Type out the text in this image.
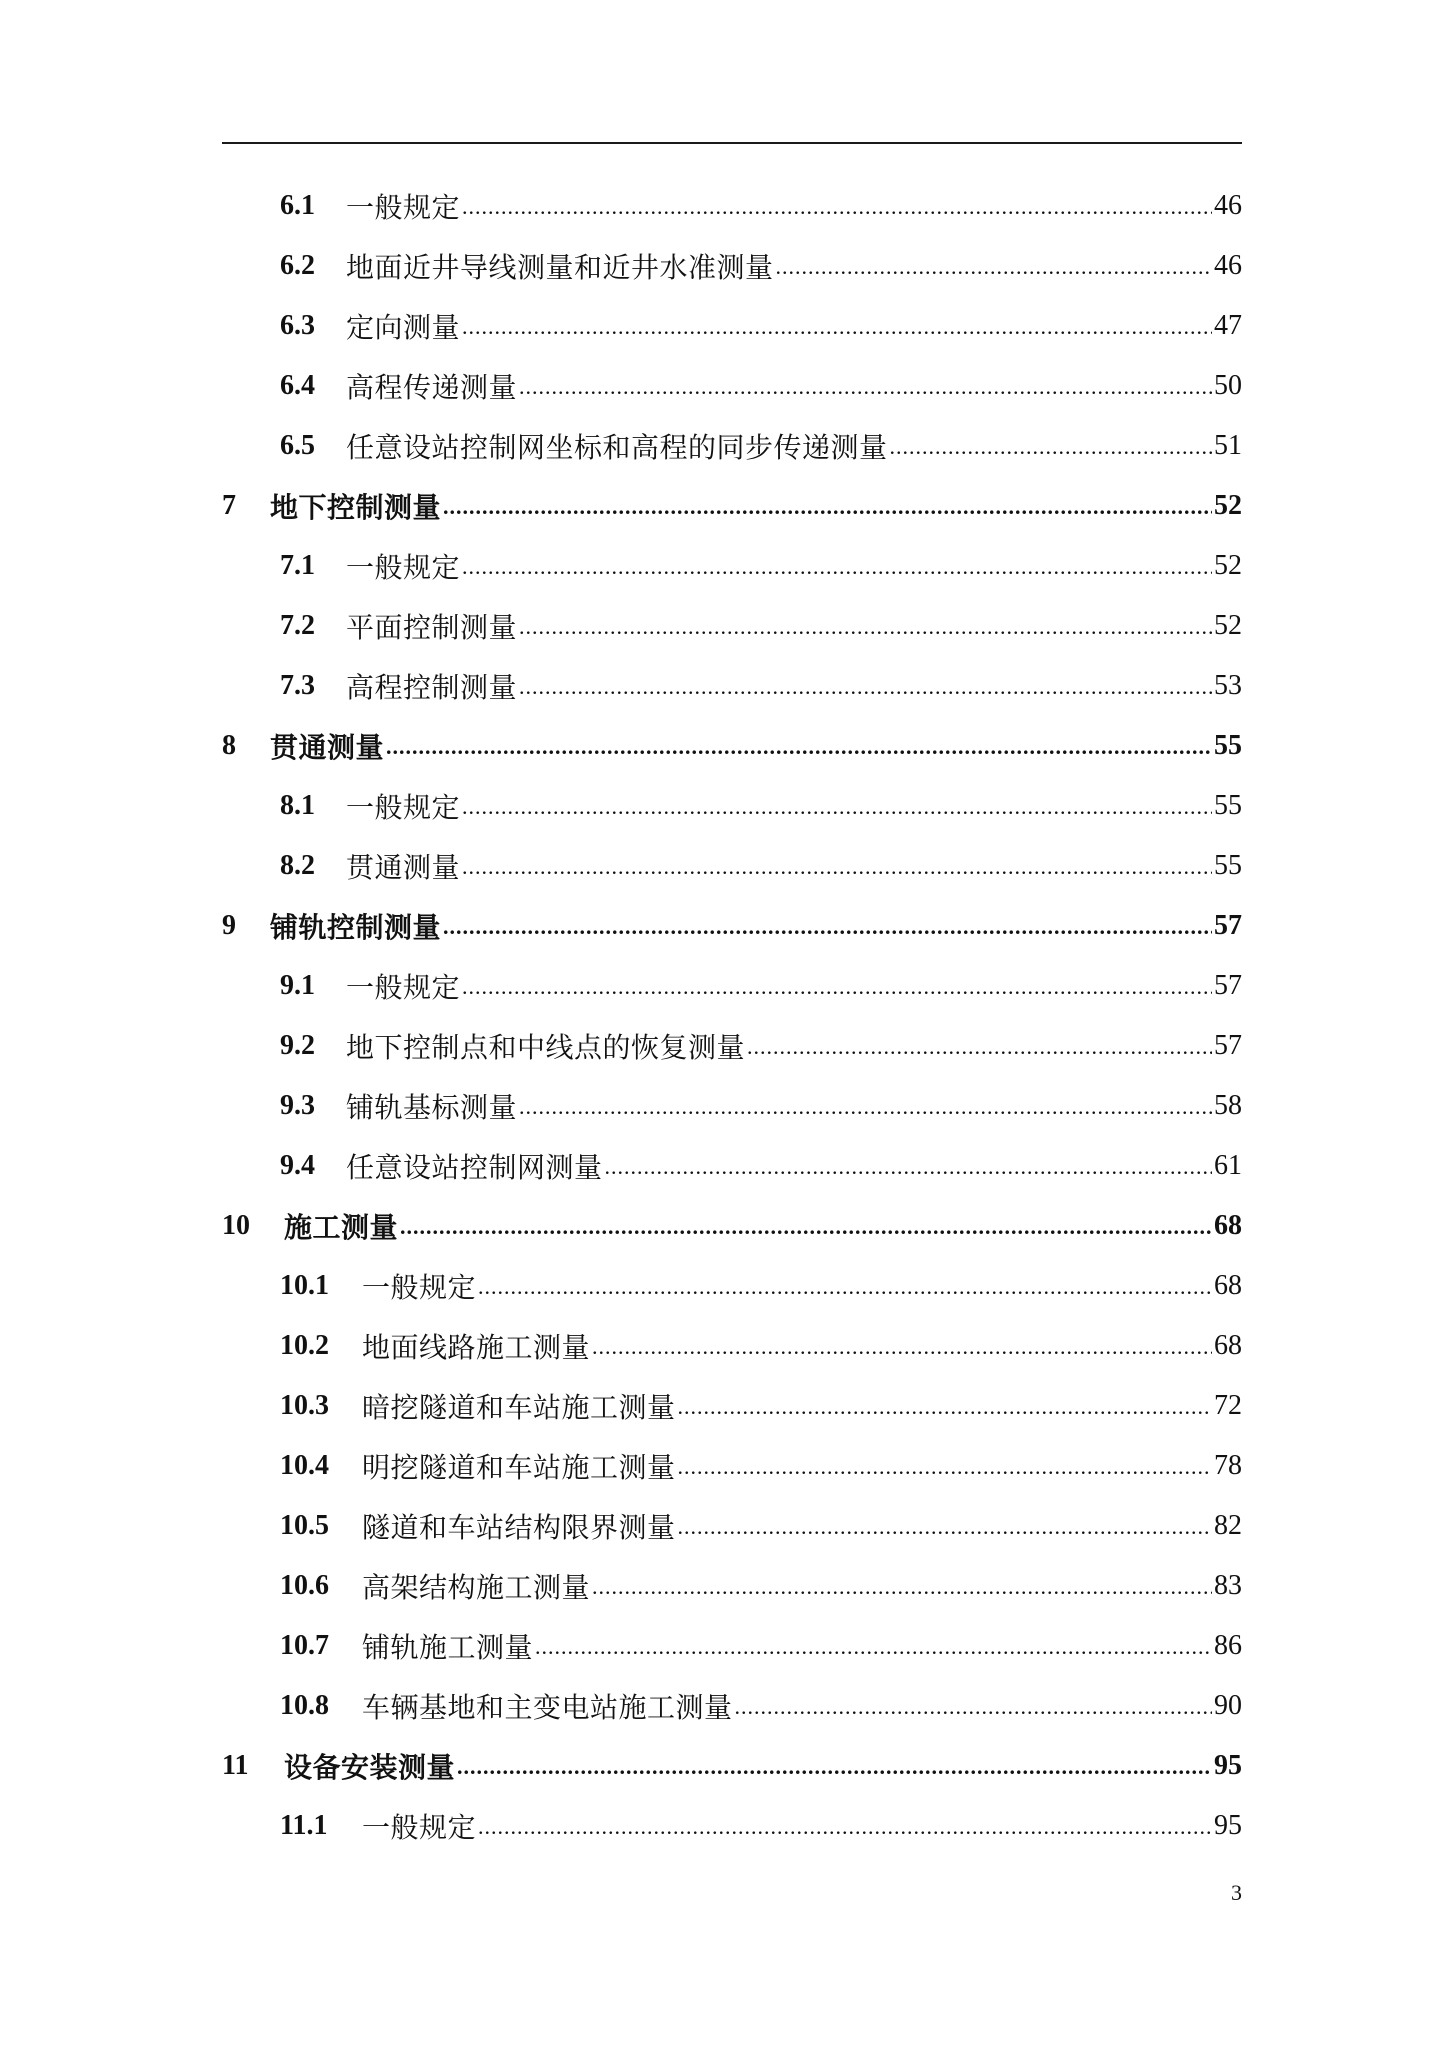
6.1	一般规定 .....	46
6.2	地面近井导线测量和近井水准测量 .....	46
6.3	定向测量 .....	47
6.4	高程传递测量 .....	50
6.5	任意设站控制网坐标和高程的同步传递测量 .....	51
7	地下控制测量 .....	52
7.1	一般规定 .....	52
7.2	平面控制测量 .....	52
7.3	高程控制测量 .....	53
8	贯通测量 .....	55
8.1	一般规定 .....	55
8.2	贯通测量 .....	55
9	铺轨控制测量 .....	57
9.1	一般规定 .....	57
9.2	地下控制点和中线点的恢复测量 .....	57
9.3	铺轨基标测量 .....	58
9.4	任意设站控制网测量 .....	61
10	施工测量 .....	68
10.1	一般规定 .....	68
10.2	地面线路施工测量 .....	68
10.3	暗挖隧道和车站施工测量 .....	72
10.4	明挖隧道和车站施工测量 .....	78
10.5	隧道和车站结构限界测量 .....	82
10.6	高架结构施工测量 .....	83
10.7	铺轨施工测量 .....	86
10.8	车辆基地和主变电站施工测量 .....	90
11	设备安装测量 .....	95
11.1	一般规定 .....	95
3
